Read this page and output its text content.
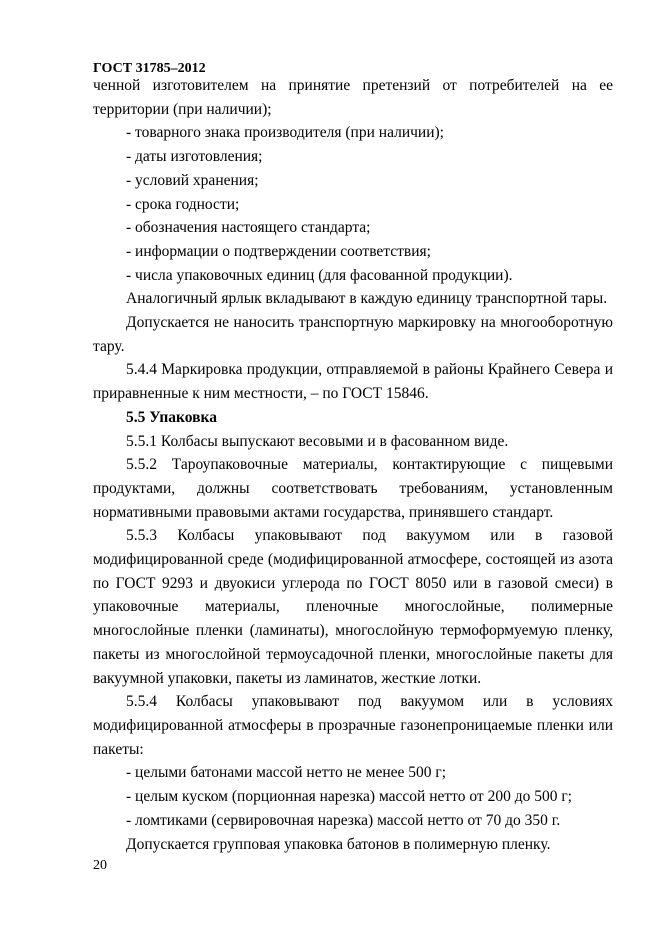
ГОСТ 31785–2012

ченной изготовителем на принятие претензий от потребителей на ее территории (при наличии);

- товарного знака производителя (при наличии);

- даты изготовления;

- условий хранения;

- срока годности;

- обозначения настоящего стандарта;

- информации о подтверждении соответствия;

- числа упаковочных единиц (для фасованной продукции).

Аналогичный ярлык вкладывают в каждую единицу транспортной тары.

Допускается не наносить транспортную маркировку на многооборотную тару.

5.4.4 Маркировка продукции, отправляемой в районы Крайнего Севера и приравненные к ним местности, – по ГОСТ 15846.

5.5 Упаковка

5.5.1 Колбасы выпускают весовыми и в фасованном виде.

5.5.2 Тароупаковочные материалы, контактирующие с пищевыми продуктами, должны соответствовать требованиям, установленным нормативными правовыми актами государства, принявшего стандарт.

5.5.3 Колбасы упаковывают под вакуумом или в газовой модифицированной среде (модифицированной атмосфере, состоящей из азота по ГОСТ 9293 и двуокиси углерода по ГОСТ 8050 или в газовой смеси) в упаковочные материалы, пленочные многослойные, полимерные многослойные пленки (ламинаты), многослойную термоформуемую пленку, пакеты из многослойной термоусадочной пленки, многослойные пакеты для вакуумной упаковки, пакеты из ламинатов, жесткие лотки.

5.5.4 Колбасы упаковывают под вакуумом или в условиях модифицированной атмосферы в прозрачные газонепроницаемые пленки или пакеты:

- целыми батонами массой нетто не менее 500 г;

- целым куском (порционная нарезка) массой нетто от 200 до 500 г;

- ломтиками (сервировочная нарезка) массой нетто от 70 до 350 г.

Допускается групповая упаковка батонов в полимерную пленку.

20
